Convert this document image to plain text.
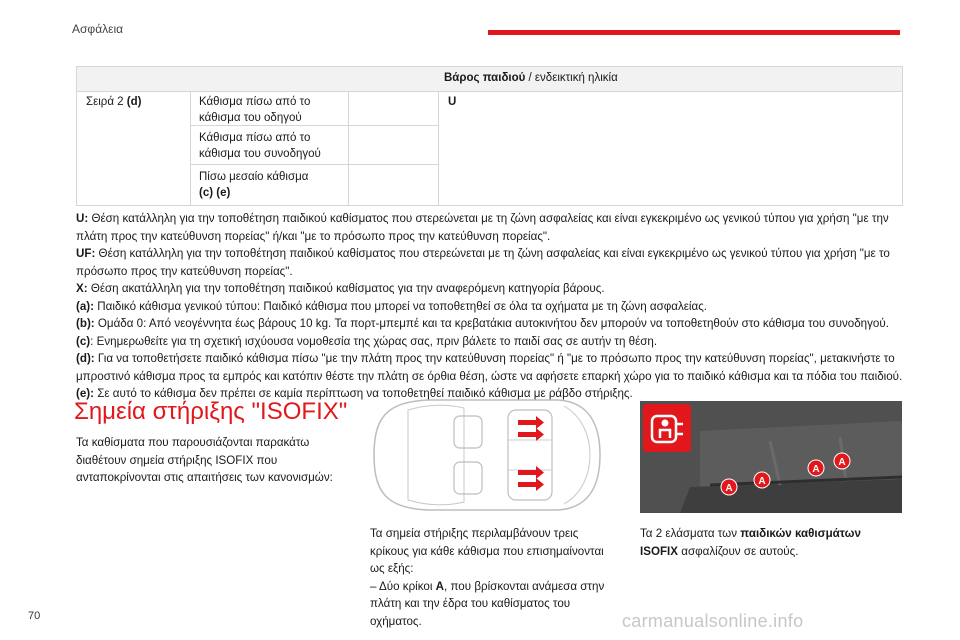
Ασφάλεια
Βάρος παιδιού / ενδεικτική ηλικία
Σειρά 2 (d)	Κάθισμα πίσω από το
κάθισμα του οδηγού
Κάθισμα πίσω από το
κάθισμα του συνοδηγού
Πίσω μεσαίο κάθισμα
(c) (e)
U

U: Θέση κατάλληλη για την τοποθέτηση παιδικού καθίσματος που στερεώνεται με τη ζώνη ασφαλείας και είναι εγκεκριμένο ως γενικού τύπου για χρήση "με την πλάτη προς την κατεύθυνση πορείας" ή/και "με το πρόσωπο προς την κατεύθυνση πορείας".

UF: Θέση κατάλληλη για την τοποθέτηση παιδικού καθίσματος που στερεώνεται με τη ζώνη ασφαλείας και είναι εγκεκριμένο ως γενικού τύπου για χρήση "με το πρόσωπο προς την κατεύθυνση πορείας".

X: Θέση ακατάλληλη για την τοποθέτηση παιδικού καθίσματος για την αναφερόμενη κατηγορία βάρους.

(a): Παιδικό κάθισμα γενικού τύπου: Παιδικό κάθισμα που μπορεί να τοποθετηθεί σε όλα τα οχήματα με τη ζώνη ασφαλείας.

(b): Ομάδα 0: Από νεογέννητα έως βάρους 10 kg. Τα πορτ-μπεμπέ και τα κρεβατάκια αυτοκινήτου δεν μπορούν να τοποθετηθούν στο κάθισμα του συνοδηγού.

(c): Ενημερωθείτε για τη σχετική ισχύουσα νομοθεσία της χώρας σας, πριν βάλετε το παιδί σας σε αυτήν τη θέση.

(d): Για να τοποθετήσετε παιδικό κάθισμα πίσω "με την πλάτη προς την κατεύθυνση πορείας" ή "με το πρόσωπο προς την κατεύθυνση πορείας", μετακινήστε το μπροστινό κάθισμα προς τα εμπρός και κατόπιν θέστε την πλάτη σε όρθια θέση, ώστε να αφήσετε επαρκή χώρο για το παιδικό κάθισμα και τα πόδια του παιδιού.

(e): Σε αυτό το κάθισμα δεν πρέπει σε καμία περίπτωση να τοποθετηθεί παιδικό κάθισμα με ράβδο στήριξης.

Σημεία στήριξης "ISOFIX"
Τα καθίσματα που παρουσιάζονται παρακάτω διαθέτουν σημεία στήριξης ISOFIX που ανταποκρίνονται στις απαιτήσεις των κανονισμών:
A
A
A
A
Τα σημεία στήριξης περιλαμβάνουν τρεις κρίκους για κάθε κάθισμα που επισημαίνονται ως εξής:
– Δύο κρίκοι A, που βρίσκονται ανάμεσα στην πλάτη και την έδρα του καθίσματος του οχήματος.
Τα 2 ελάσματα των παιδικών καθισμάτων ISOFIX ασφαλίζουν σε αυτούς.
70	carmanualsonline.info
